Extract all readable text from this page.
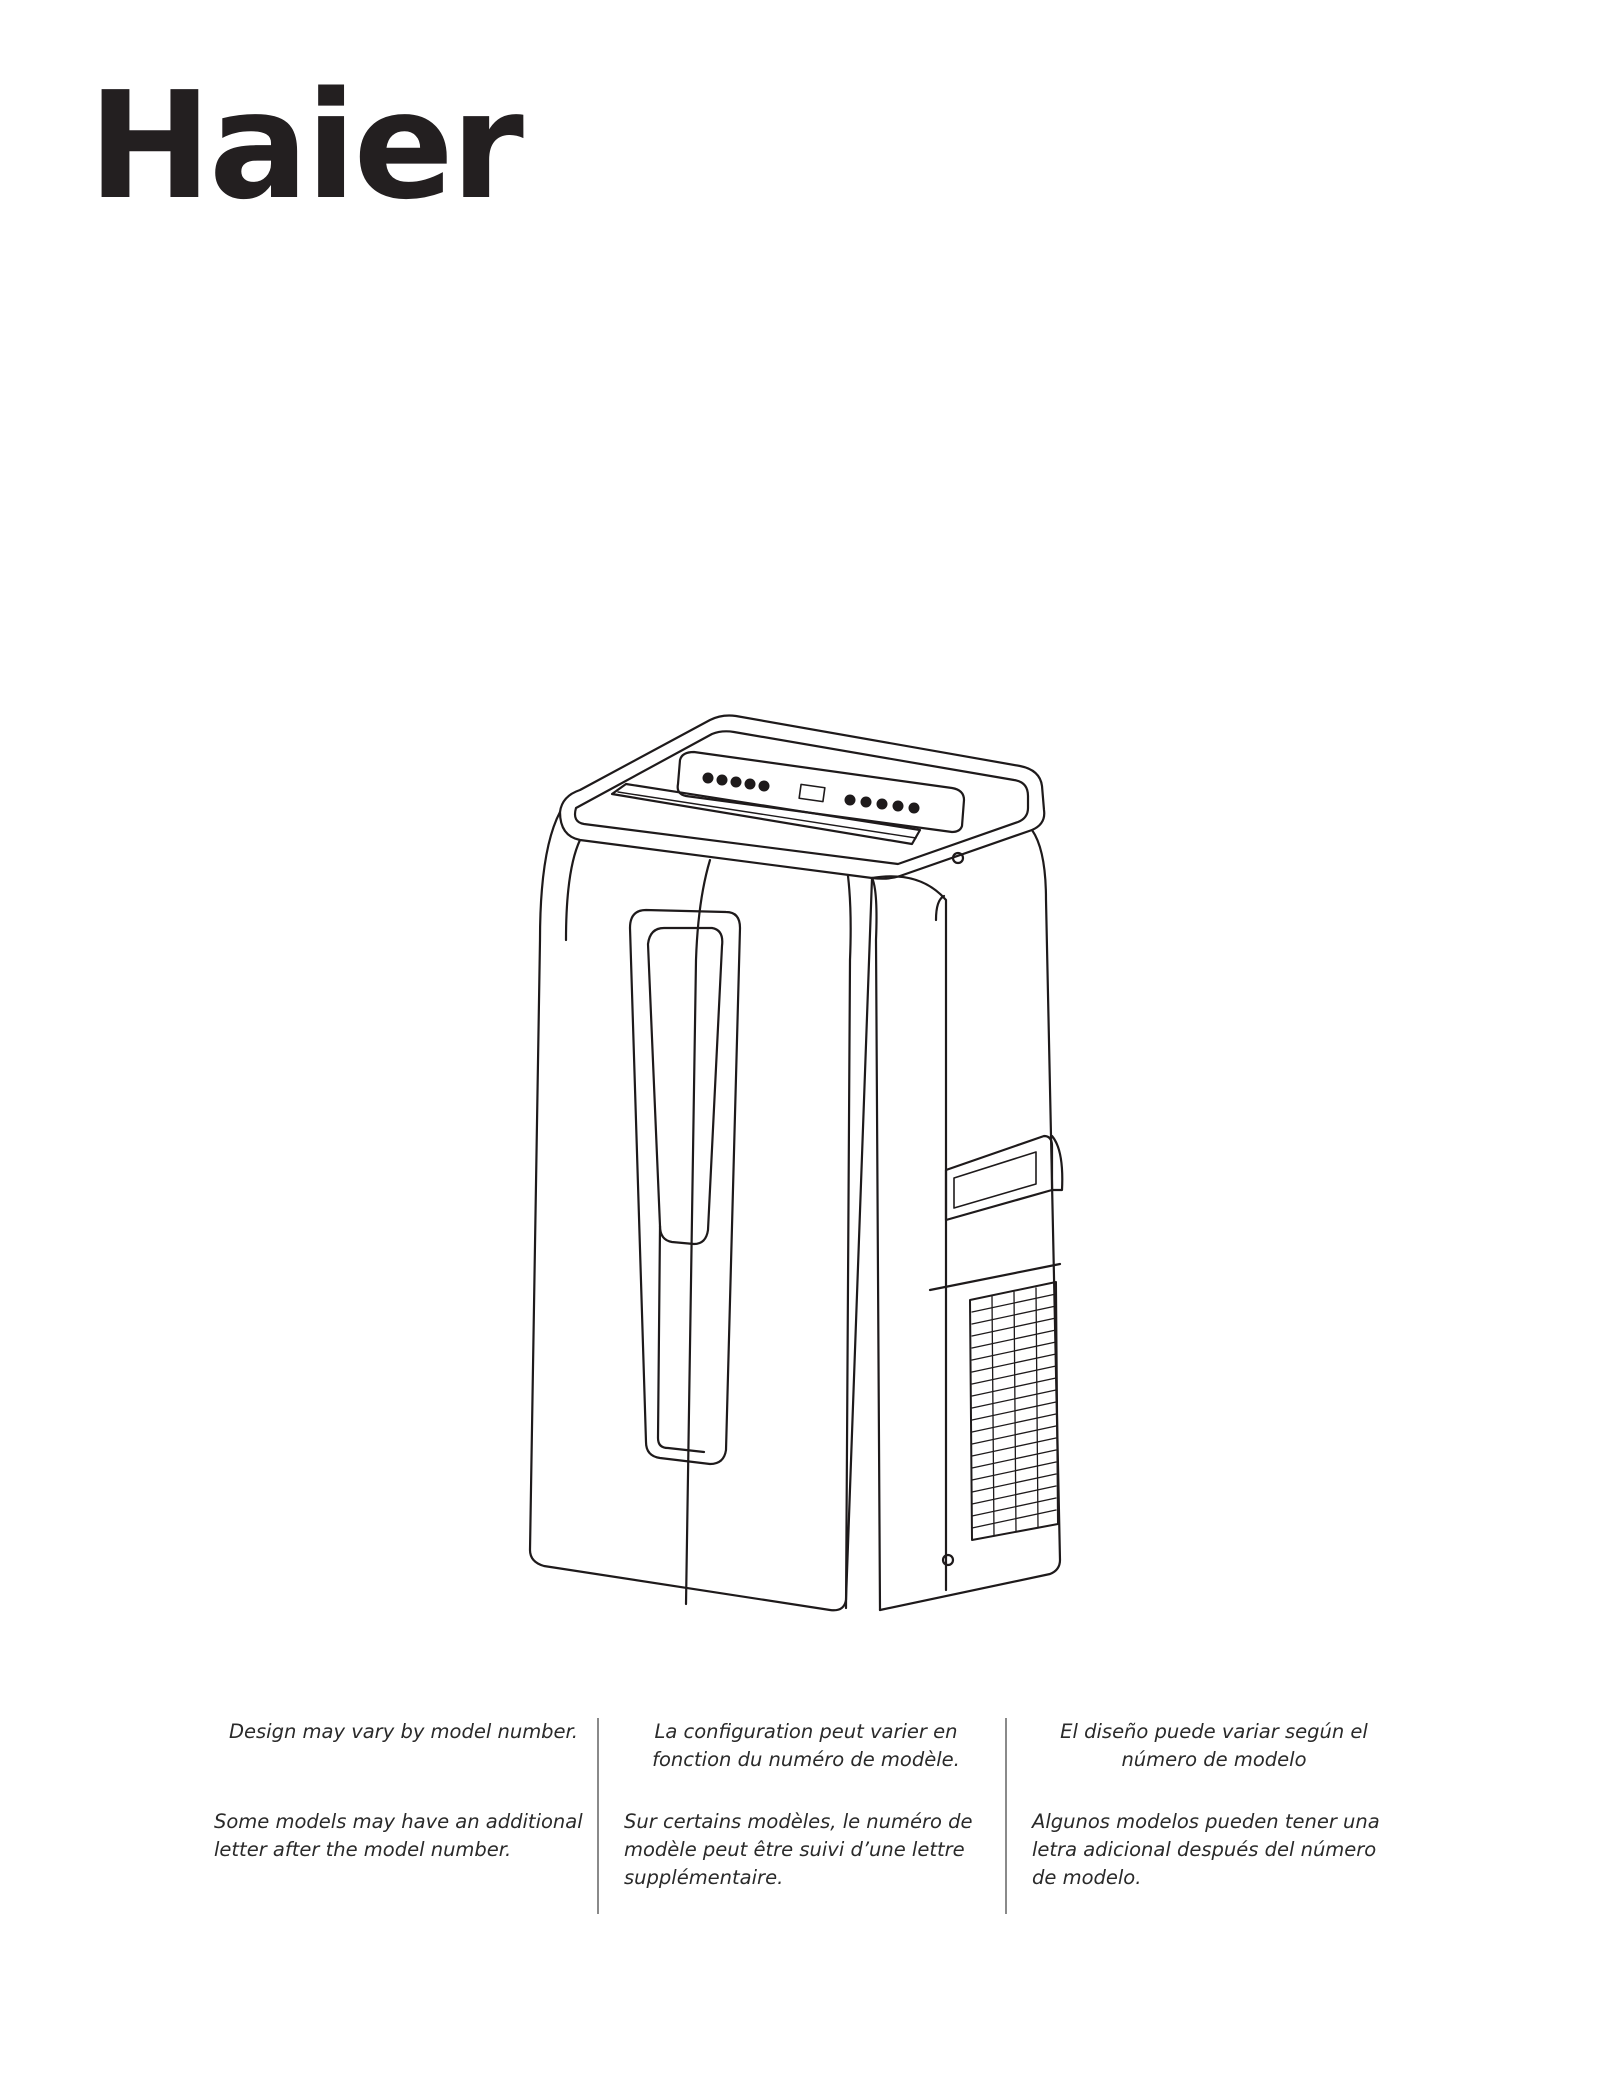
Haier
Design may vary by model number.
Some models may have an additional letter after the model number.
La configuration peut varier en fonction du numéro de modèle.
Sur certains modèles, le numéro de modèle peut être suivi d’une lettre supplémentaire.
El diseño puede variar según el número de modelo
Algunos modelos pueden tener una letra adicional después del número de modelo.
